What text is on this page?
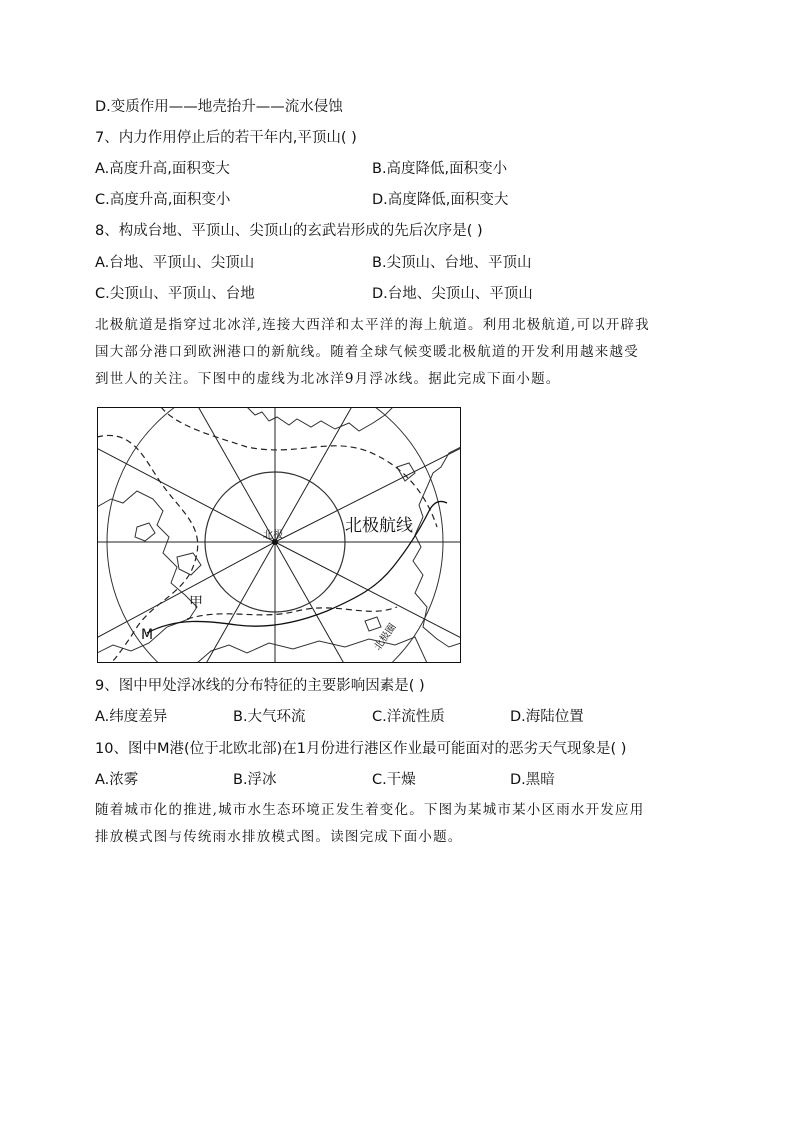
D.变质作用——地壳抬升——流水侵蚀
7、内力作用停止后的若干年内,平顶山( )
A.高度升高,面积变大	B.高度降低,面积变小
C.高度升高,面积变小	D.高度降低,面积变大
8、构成台地、平顶山、尖顶山的玄武岩形成的先后次序是( )
A.台地、平顶山、尖顶山	B.尖顶山、台地、平顶山
C.尖顶山、平顶山、台地	D.台地、尖顶山、平顶山
北极航道是指穿过北冰洋,连接大西洋和太平洋的海上航道。利用北极航道,可以开辟我
国大部分港口到欧洲港口的新航线。随着全球气候变暖北极航道的开发利用越来越受
到世人的关注。下图中的虚线为北冰洋9月浮冰线。据此完成下面小题。
北极	北极航线
甲
M	北极圈
9、图中甲处浮冰线的分布特征的主要影响因素是( )
A.纬度差异	B.大气环流	C.洋流性质	D.海陆位置
10、图中M港(位于北欧北部)在1月份进行港区作业最可能面对的恶劣天气现象是( )
A.浓雾	B.浮冰	C.干燥	D.黑暗
随着城市化的推进,城市水生态环境正发生着变化。下图为某城市某小区雨水开发应用
排放模式图与传统雨水排放模式图。读图完成下面小题。
